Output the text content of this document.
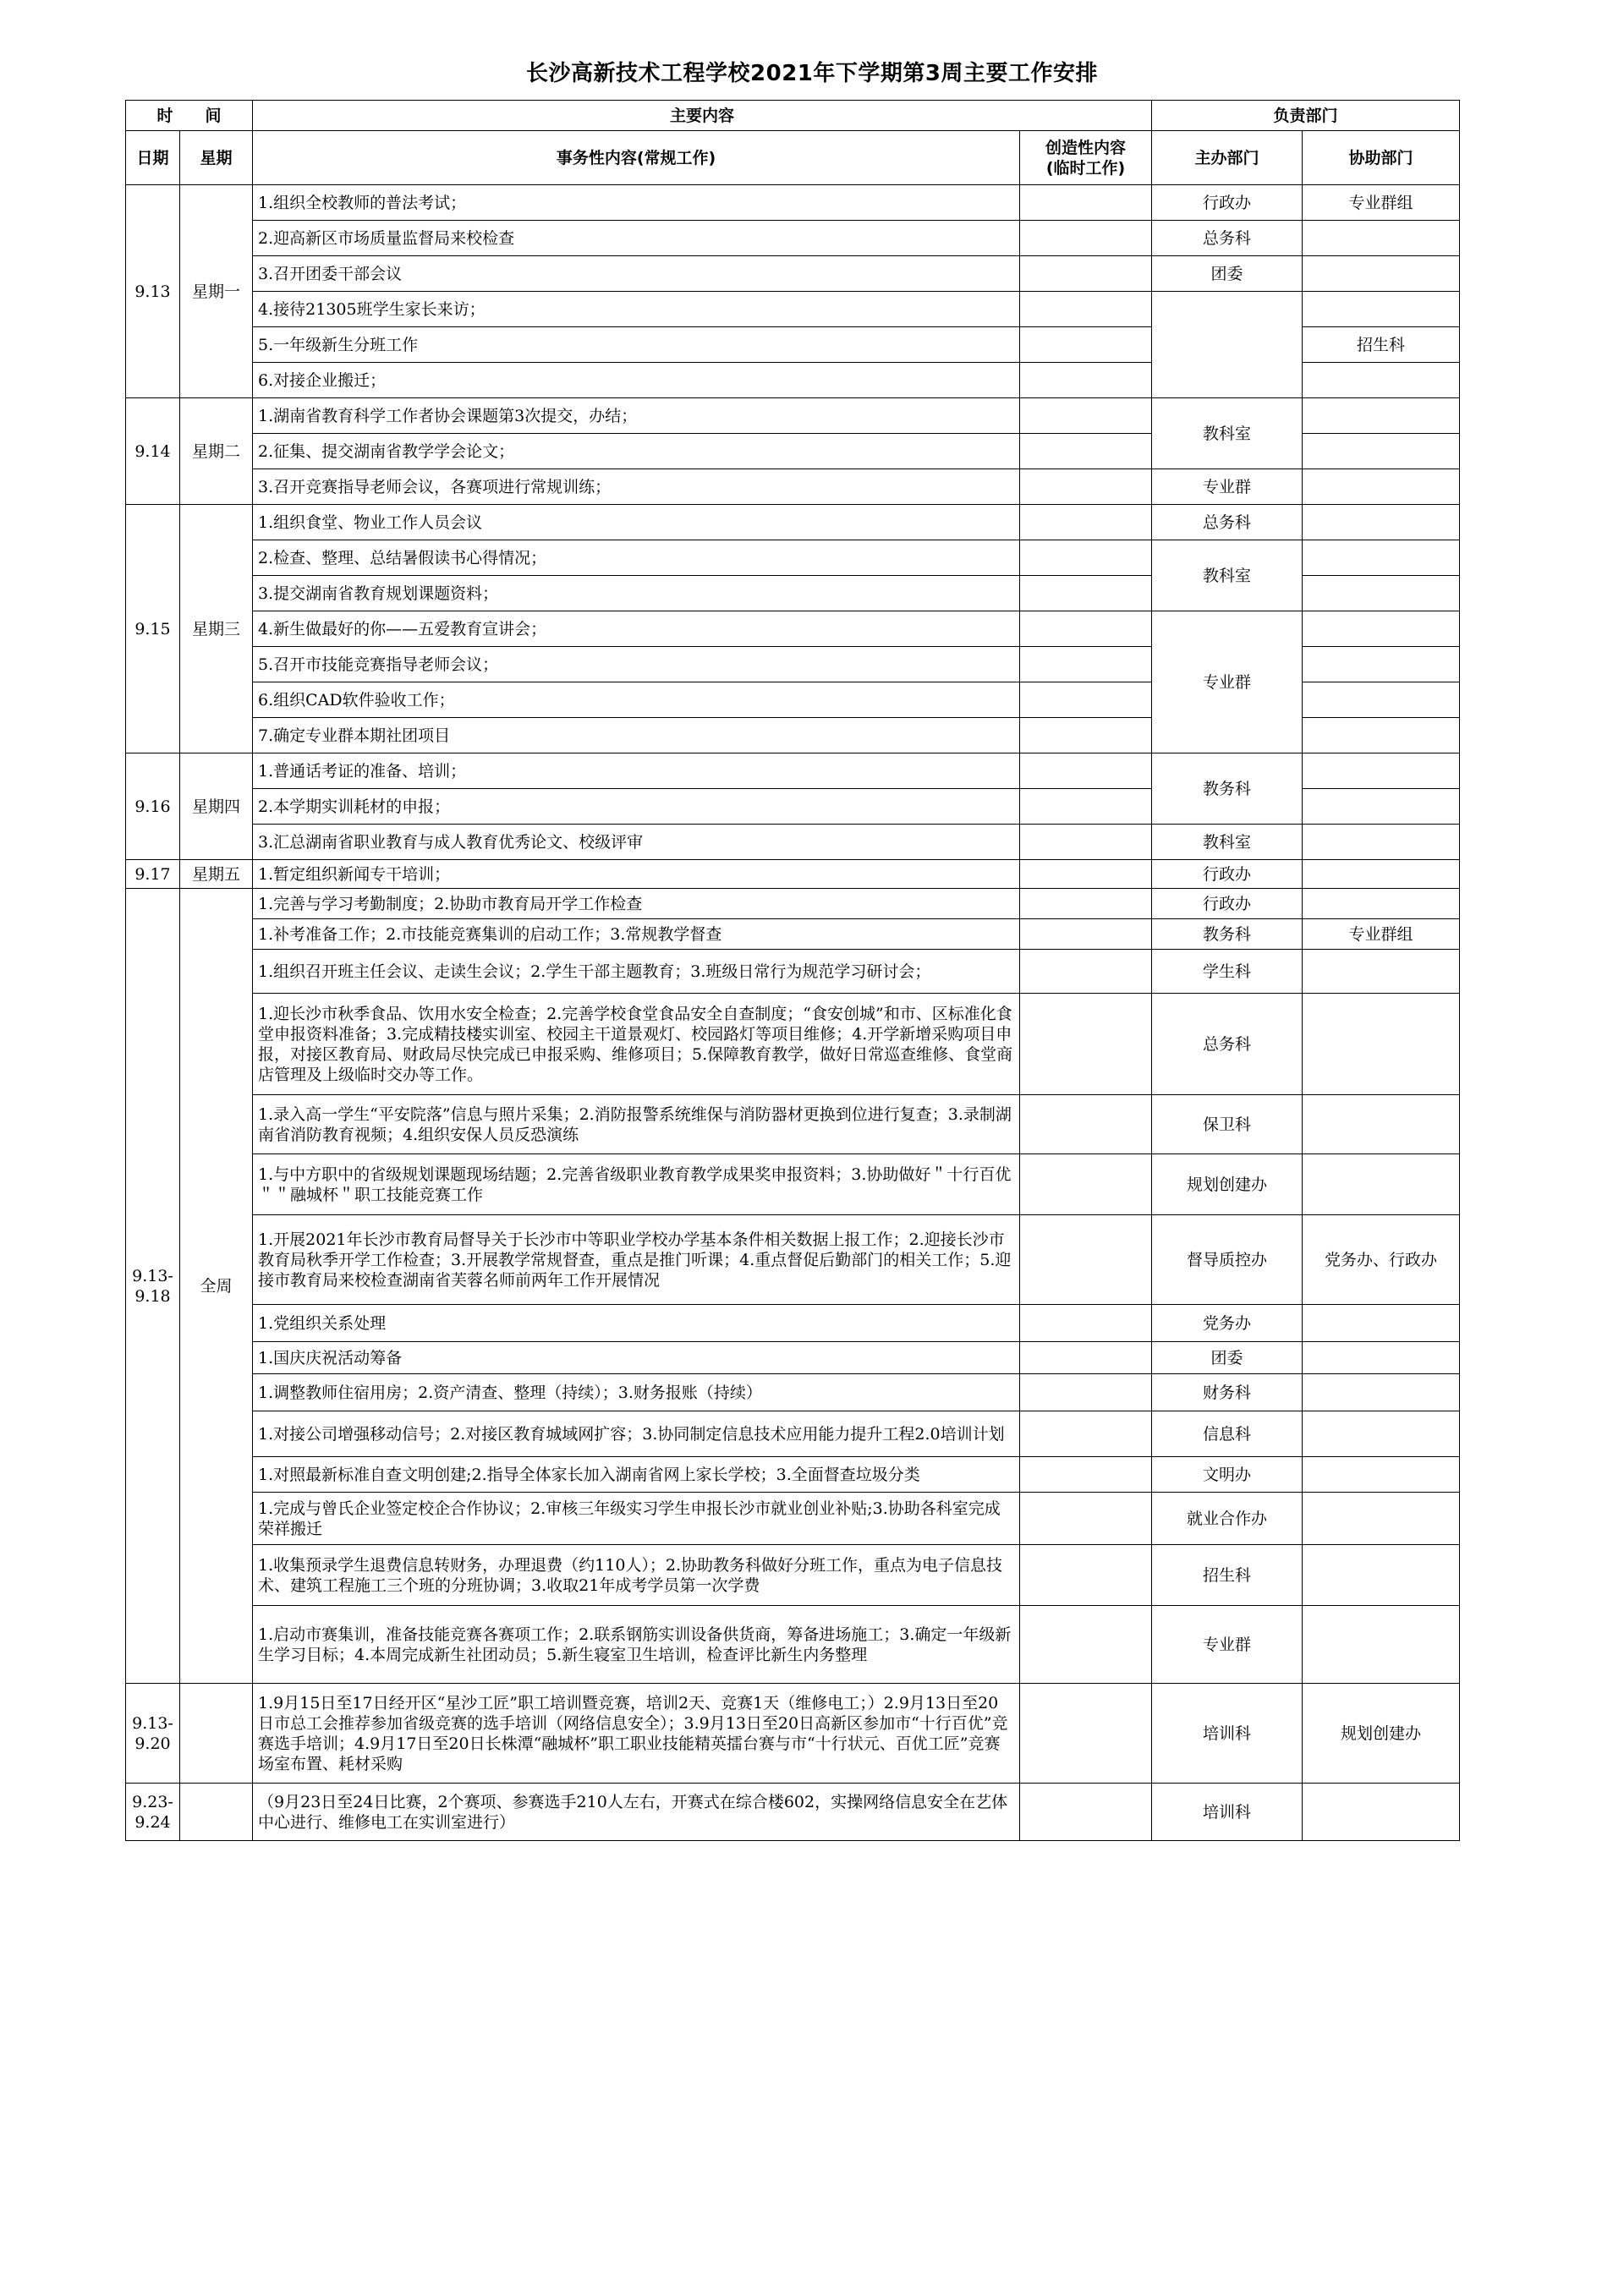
长沙高新技术工程学校2021年下学期第3周主要工作安排
时　　间		主要内容		负责部门	
日期	星期	事务性内容(常规工作)	创造性内容
(临时工作)	主办部门	协助部门
9.13	星期一	1.组织全校教师的普法考试；		行政办	专业群组
		2.迎高新区市场质量监督局来校检查		总务科	
		3.召开团委干部会议		团委	
		4.接待21305班学生家长来访；			
		5.一年级新生分班工作			招生科
		6.对接企业搬迁；			
9.14	星期二	1.湖南省教育科学工作者协会课题第3次提交，办结；		教科室	
		2.征集、提交湖南省教学学会论文；			
		3.召开竞赛指导老师会议，各赛项进行常规训练；		专业群	
9.15	星期三	1.组织食堂、物业工作人员会议		总务科	
		2.检查、整理、总结暑假读书心得情况；		教科室	
		3.提交湖南省教育规划课题资料；			
		4.新生做最好的你——五爱教育宣讲会；		专业群	
		5.召开市技能竞赛指导老师会议；			
		6.组织CAD软件验收工作；			
		7.确定专业群本期社团项目			
9.16	星期四	1.普通话考证的准备、培训；		教务科	
		2.本学期实训耗材的申报；			
		3.汇总湖南省职业教育与成人教育优秀论文、校级评审		教科室	
9.17	星期五	1.暂定组织新闻专干培训；		行政办	
9.13-9.18	全周	1.完善与学习考勤制度；2.协助市教育局开学工作检查		行政办	
		1.补考准备工作；2.市技能竞赛集训的启动工作；3.常规教学督查		教务科	专业群组
		1.组织召开班主任会议、走读生会议；2.学生干部主题教育；3.班级日常行为规范学习研讨会；		学生科	
		1.迎长沙市秋季食品、饮用水安全检查；2.完善学校食堂食品安全自查制度；“食安创城”和市、区标准化食堂申报资料准备；3.完成精技楼实训室、校园主干道景观灯、校园路灯等项目维修；4.开学新增采购项目申报，对接区教育局、财政局尽快完成已申报采购、维修项目；5.保障教育教学，做好日常巡查维修、食堂商店管理及上级临时交办等工作。		总务科	
		1.录入高一学生“平安院落”信息与照片采集；2.消防报警系统维保与消防器材更换到位进行复查；3.录制湖南省消防教育视频；4.组织安保人员反恐演练		保卫科	
		1.与中方职中的省级规划课题现场结题；2.完善省级职业教育教学成果奖申报资料；3.协助做好＂十行百优＂＂融城杯＂职工技能竞赛工作		规划创建办	
		1.开展2021年长沙市教育局督导关于长沙市中等职业学校办学基本条件相关数据上报工作；2.迎接长沙市教育局秋季开学工作检查；3.开展教学常规督查，重点是推门听课；4.重点督促后勤部门的相关工作；5.迎接市教育局来校检查湖南省芙蓉名师前两年工作开展情况		督导质控办	党务办、行政办
		1.党组织关系处理		党务办	
		1.国庆庆祝活动筹备		团委	
		1.调整教师住宿用房；2.资产清查、整理（持续）；3.财务报账（持续）		财务科	
		1.对接公司增强移动信号；2.对接区教育城域网扩容；3.协同制定信息技术应用能力提升工程2.0培训计划		信息科	
		1.对照最新标准自查文明创建;2.指导全体家长加入湖南省网上家长学校；3.全面督查垃圾分类		文明办	
		1.完成与曾氏企业签定校企合作协议；2.审核三年级实习学生申报长沙市就业创业补贴;3.协助各科室完成荣祥搬迁		就业合作办	
		1.收集预录学生退费信息转财务，办理退费（约110人）；2.协助教务科做好分班工作，重点为电子信息技术、建筑工程施工三个班的分班协调；3.收取21年成考学员第一次学费		招生科	
		1.启动市赛集训，准备技能竞赛各赛项工作；2.联系钢筋实训设备供货商，筹备进场施工；3.确定一年级新生学习目标；4.本周完成新生社团动员；5.新生寝室卫生培训，检查评比新生内务整理		专业群	
9.13-9.20		1.9月15日至17日经开区“星沙工匠”职工培训暨竞赛，培训2天、竞赛1天（维修电工；）2.9月13日至20日市总工会推荐参加省级竞赛的选手培训（网络信息安全）；3.9月13日至20日高新区参加市“十行百优”竞赛选手培训；4.9月17日至20日长株潭“融城杯”职工职业技能精英擂台赛与市“十行状元、百优工匠”竞赛场室布置、耗材采购		培训科	规划创建办
9.23-9.24		（9月23日至24日比赛，2个赛项、参赛选手210人左右，开赛式在综合楼602，实操网络信息安全在艺体中心进行、维修电工在实训室进行）		培训科	
